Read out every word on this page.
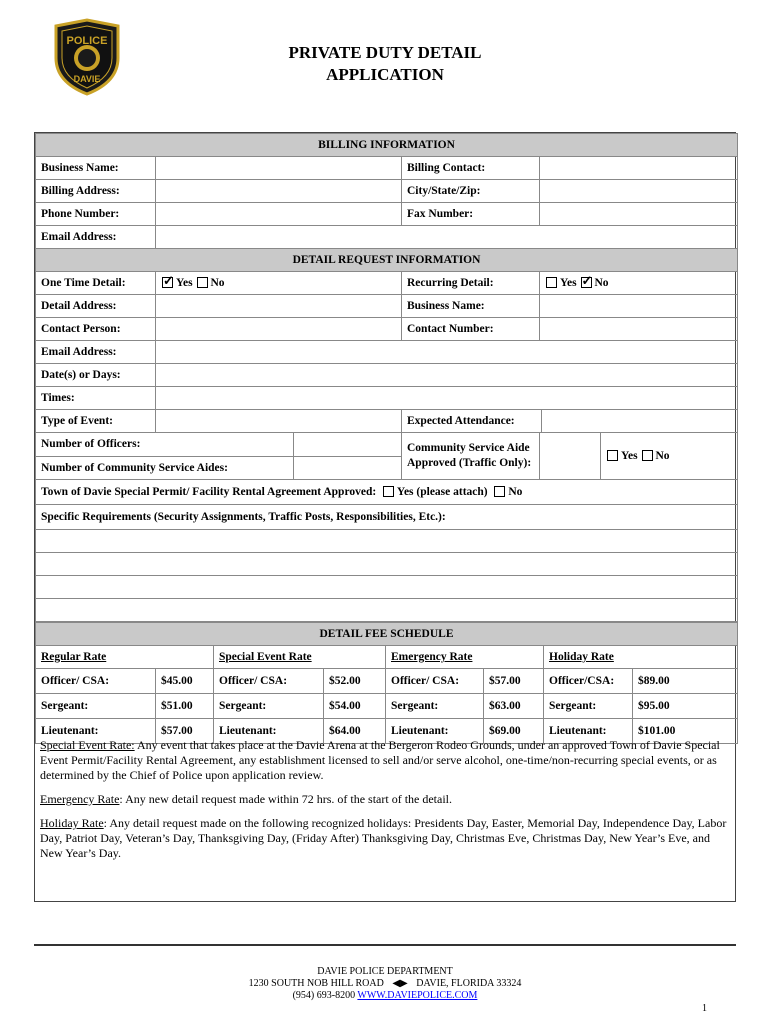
POLICE
DAVIE
PRIVATE DUTY DETAIL
APPLICATION
BILLING INFORMATION				
Business Name:			Billing Contact:	
Billing Address:			City/State/Zip:	
Phone Number:			Fax Number:	
Email Address:				
DETAIL REQUEST INFORMATION				
One Time Detail:	✓Yes No		Recurring Detail:	Yes ✓ No
Detail Address:			Business Name:	
Contact Person:			Contact Number:	
Email Address:				
Date(s) or Days:				
Times:				
Type of Event:			Expected Attendance:	

Number of Officers:			Community Service Aide
Approved (Traffic Only):	Yes No

Number of Community Service Aides:				
Town of Davie Special Permit/ Facility Rental Agreement Approved: Yes (please attach) No				
Specific Requirements (Security Assignments, Traffic Posts, Responsibilities, Etc.):				

DETAIL FEE SCHEDULE							
Regular Rate		Special Event Rate		Emergency Rate		Holiday Rate	
Officer/ CSA:	$45.00	Officer/ CSA:	$52.00	Officer/ CSA:	$57.00	Officer/CSA:	$89.00
Sergeant:	$51.00	Sergeant:	$54.00	Sergeant:	$63.00	Sergeant:	$95.00
Lieutenant:	$57.00	Lieutenant:	$64.00	Lieutenant:	$69.00	Lieutenant:	$101.00

Special Event Rate: Any event that takes place at the Davie Arena at the Bergeron Rodeo Grounds, under an approved Town of Davie Special Event Permit/Facility Rental Agreement, any establishment licensed to sell and/or serve alcohol, one-time/non-recurring special events, or as determined by the Chief of Police upon application review.

Emergency Rate: Any new detail request made within 72 hrs. of the start of the detail.

Holiday Rate: Any detail request made on the following recognized holidays: Presidents Day, Easter, Memorial Day, Independence Day, Labor Day, Patriot Day, Veteran’s Day, Thanksgiving Day, (Friday After) Thanksgiving Day, Christmas Eve, Christmas Day, New Year’s Eve, and New Year’s Day.

DAVIE POLICE DEPARTMENT
1230 SOUTH NOB HILL ROAD ◀▶ DAVIE, FLORIDA 33324
(954) 693-8200 WWW.DAVIEPOLICE.COM
1
